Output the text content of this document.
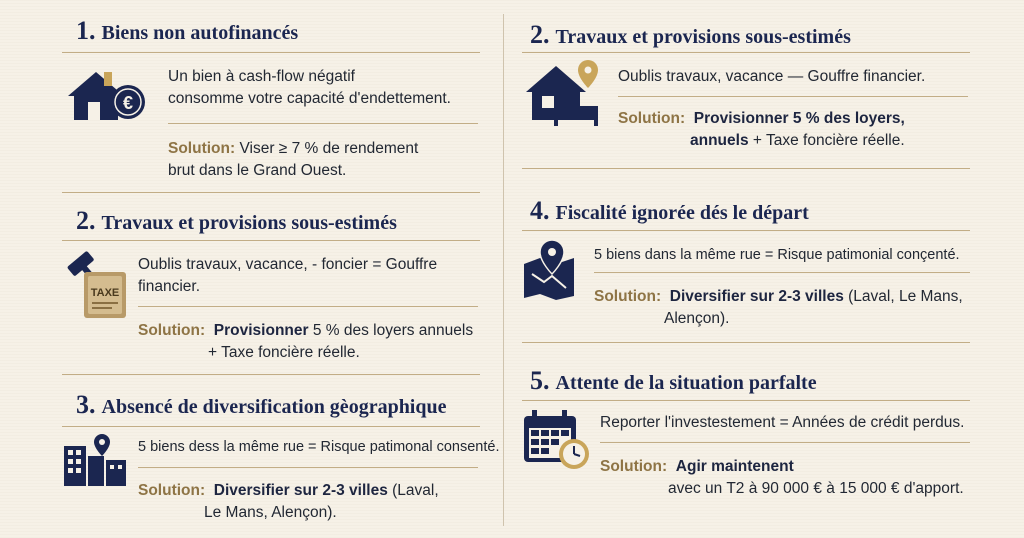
1. Biens non autofinancés
€
Un bien à cash-flow négatif
consomme votre capacité d'endettement.
Solution: Viser ≥ 7 % de rendement
brut dans le Grand Ouest.
2. Travaux et provisions sous-estimés
TAXE
Oublis travaux, vacance, - foncier = Gouffre
financier.
Solution: Provisionner 5 % des loyers annuels
+ Taxe foncière réelle.
3. Absencé de diversification gèographique
5 biens dess la même rue = Risque patimonal consenté.
Solution: Diversifier sur 2-3 villes (Laval,
Le Mans, Alençon).
2. Travaux et provisions sous-estimés
Oublis travaux, vacance — Gouffre financier.
Solution: Provisionner 5 % des loyers,
annuels + Taxe foncière réelle.
4. Fiscalité ignorée dés le départ
5 biens dans la même rue = Risque patimonial conçenté.
Solution: Diversifier sur 2-3 villes (Laval, Le Mans,
Alençon).
5. Attente de la situation parfalte
Reporter l'investestement = Années de crédit perdus.
Solution: Agir maintenent
avec un T2 à 90 000 € à 15 000 € d'apport.
